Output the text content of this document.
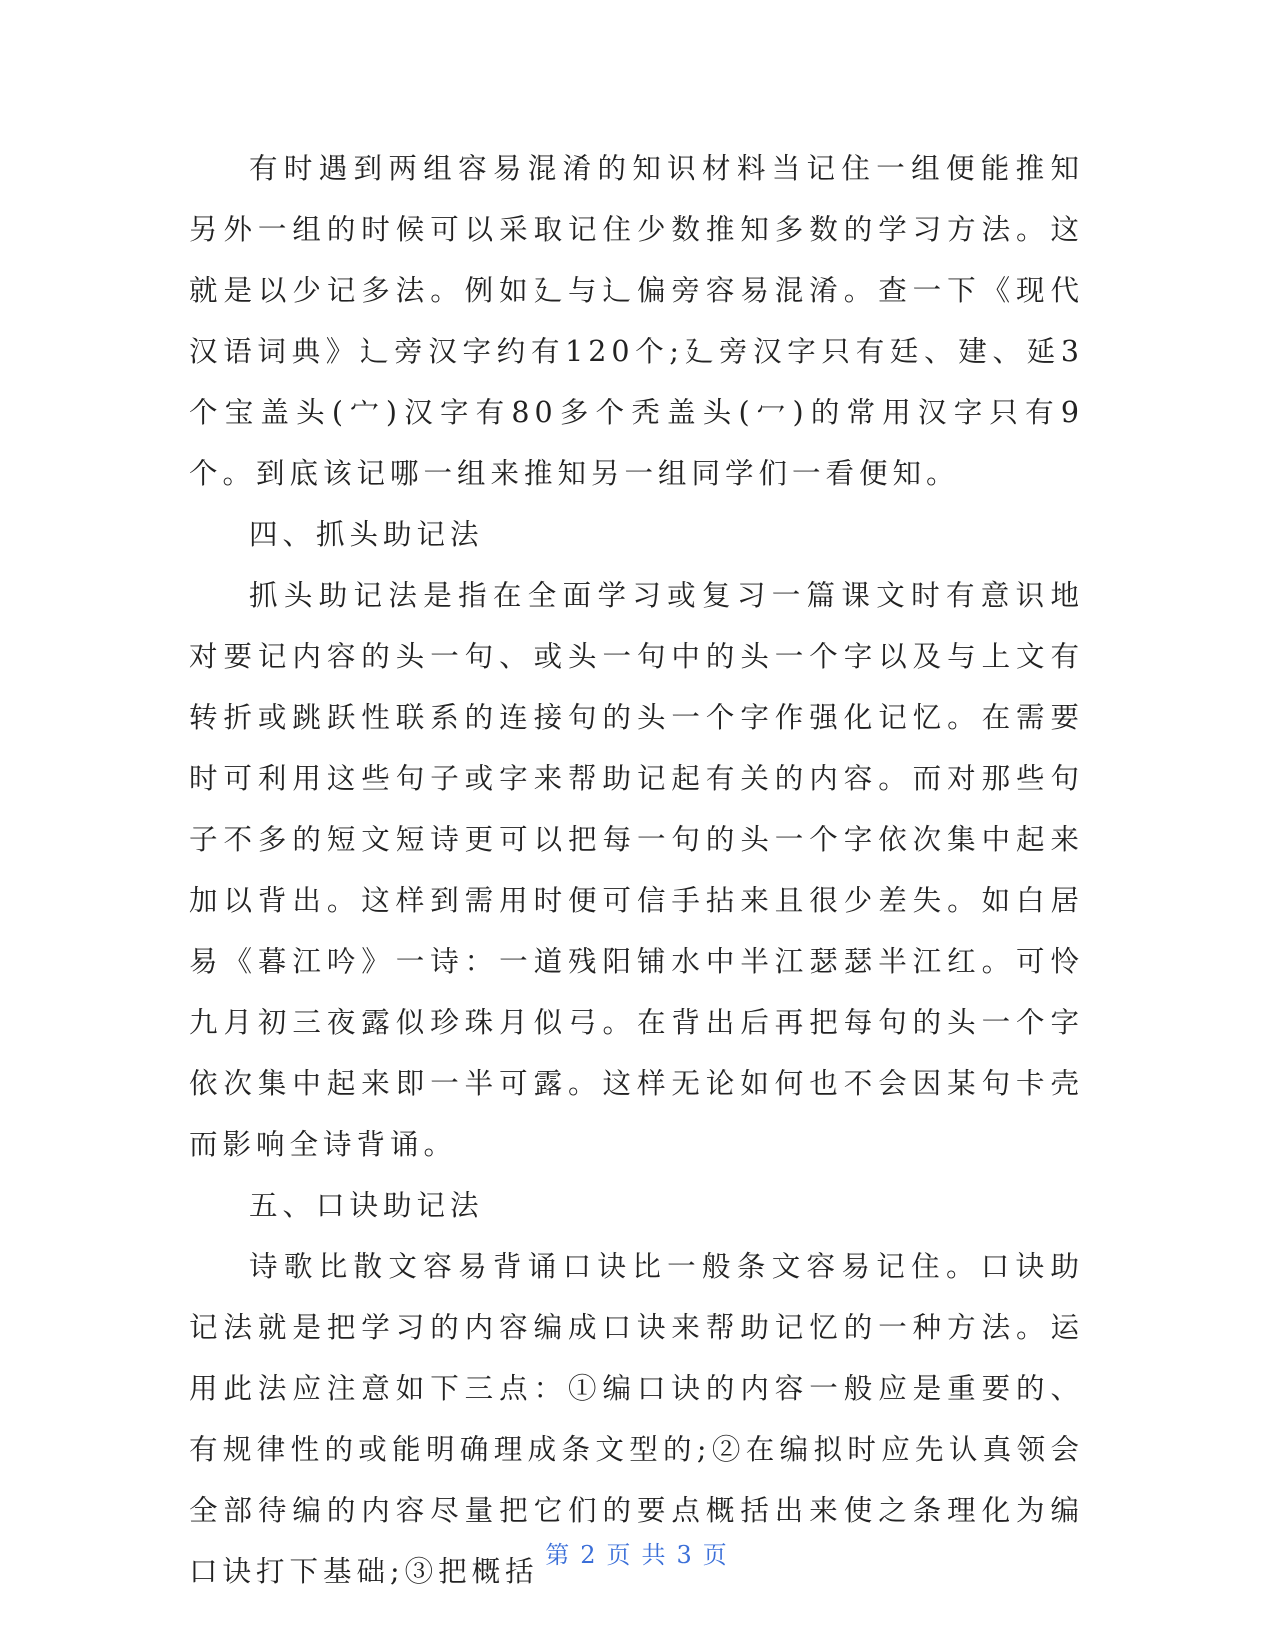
有时遇到两组容易混淆的知识材料当记住一组便能推知另外一组的时候可以采取记住少数推知多数的学习方法。这就是以少记多法。例如廴与辶偏旁容易混淆。查一下《现代汉语词典》辶旁汉字约有120个;廴旁汉字只有廷、建、延3个宝盖头(宀)汉字有80多个秃盖头(冖)的常用汉字只有9个。到底该记哪一组来推知另一组同学们一看便知。

四、抓头助记法

抓头助记法是指在全面学习或复习一篇课文时有意识地对要记内容的头一句、或头一句中的头一个字以及与上文有转折或跳跃性联系的连接句的头一个字作强化记忆。在需要时可利用这些句子或字来帮助记起有关的内容。而对那些句子不多的短文短诗更可以把每一句的头一个字依次集中起来加以背出。这样到需用时便可信手拈来且很少差失。如白居易《暮江吟》一诗：一道残阳铺水中半江瑟瑟半江红。可怜九月初三夜露似珍珠月似弓。在背出后再把每句的头一个字依次集中起来即一半可露。这样无论如何也不会因某句卡壳而影响全诗背诵。

五、口诀助记法

诗歌比散文容易背诵口诀比一般条文容易记住。口诀助记法就是把学习的内容编成口诀来帮助记忆的一种方法。运用此法应注意如下三点：①编口诀的内容一般应是重要的、有规律性的或能明确理成条文型的;②在编拟时应先认真领会全部待编的内容尽量把它们的要点概括出来使之条理化为编口诀打下基础;③把概括 第 2 页 共 3 页
